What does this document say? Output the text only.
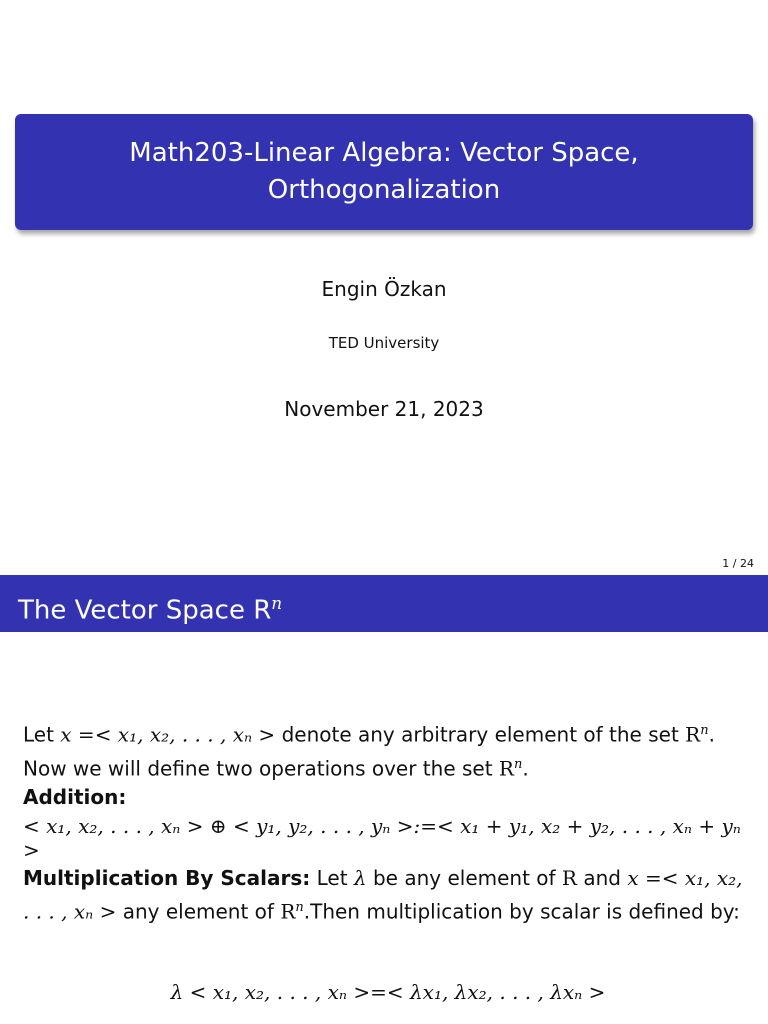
Math203-Linear Algebra: Vector Space,
Orthogonalization
Engin Özkan
TED University
November 21, 2023
1 / 24
The Vector Space $R^n$
Let x =< x₁, x₂, . . . , xₙ > denote any arbitrary element of the set $R^n$. Now we will define two operations over the set $R^n$.
Addition:
< x₁, x₂, . . . , xₙ > ⊕ < y₁, y₂, . . . , yₙ >:=< x₁ + y₁, x₂ + y₂, . . . , xₙ + yₙ >
Multiplication By Scalars: Let λ be any element of R and x =< x₁, x₂, . . . , xₙ > any element of $R^n.Then$ multiplication by scalar is defined by:
λ < x₁, x₂, . . . , xₙ >=< λx₁, λx₂, . . . , λxₙ >
